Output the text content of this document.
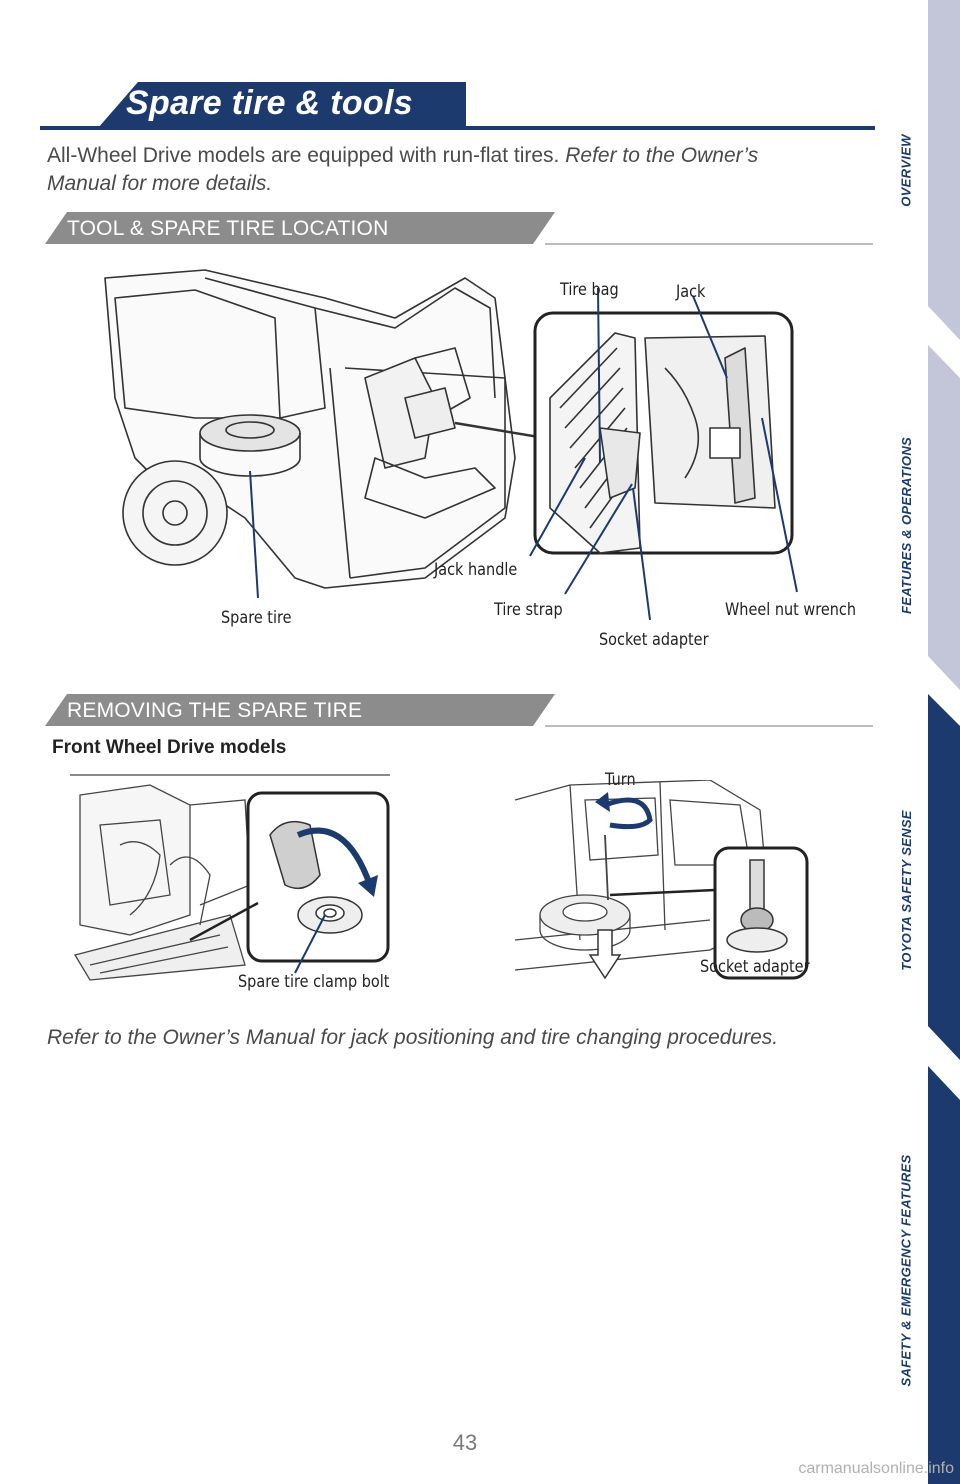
Spare tire & tools
All-Wheel Drive models are equipped with run-flat tires. Refer to the Owner’s Manual for more details.
TOOL & SPARE TIRE LOCATION
Tire bag	Jack
Jack handle
Spare tire	Tire strap	Wheel nut wrench
Socket adapter
REMOVING THE SPARE TIRE
Front Wheel Drive models
Spare tire clamp bolt
Turn
Socket adapter
Refer to the Owner’s Manual for jack positioning and tire changing procedures.
43
OVERVIEW
FEATURES & OPERATIONS
TOYOTA SAFETY SENSE
SAFETY & EMERGENCY FEATURES
carmanualsonline.info
